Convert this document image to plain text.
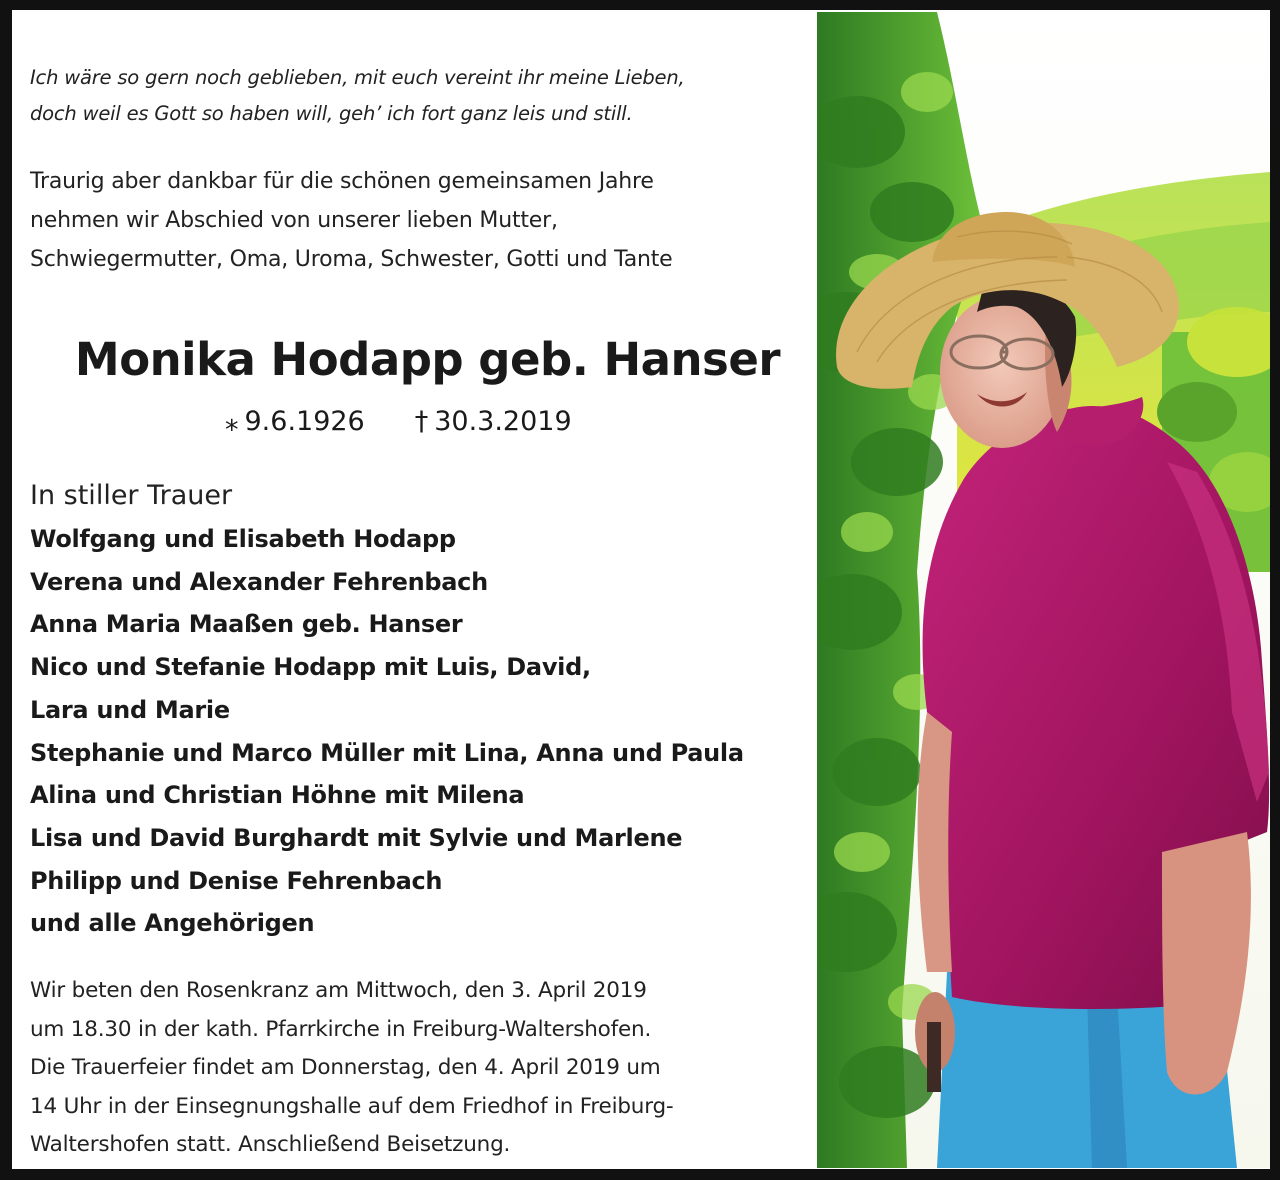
Ich wäre so gern noch geblieben, mit euch vereint ihr meine Lieben,
doch weil es Gott so haben will, geh’ ich fort ganz leis und still.
Traurig aber dankbar für die schönen gemeinsamen Jahre
nehmen wir Abschied von unserer lieben Mutter,
Schwiegermutter, Oma, Uroma, Schwester, Gotti und Tante
Monika Hodapp geb. Hanser
⁎ 9.6.1926 † 30.3.2019
In stiller Trauer
Wolfgang und Elisabeth Hodapp
Verena und Alexander Fehrenbach
Anna Maria Maaßen geb. Hanser
Nico und Stefanie Hodapp mit Luis, David,
Lara und Marie
Stephanie und Marco Müller mit Lina, Anna und Paula
Alina und Christian Höhne mit Milena
Lisa und David Burghardt mit Sylvie und Marlene
Philipp und Denise Fehrenbach
und alle Angehörigen
Wir beten den Rosenkranz am Mittwoch, den 3. April 2019
um 18.30 in der kath. Pfarrkirche in Freiburg-Waltershofen.
Die Trauerfeier findet am Donnerstag, den 4. April 2019 um
14 Uhr in der Einsegnungshalle auf dem Friedhof in Freiburg-
Waltershofen statt. Anschließend Beisetzung.
